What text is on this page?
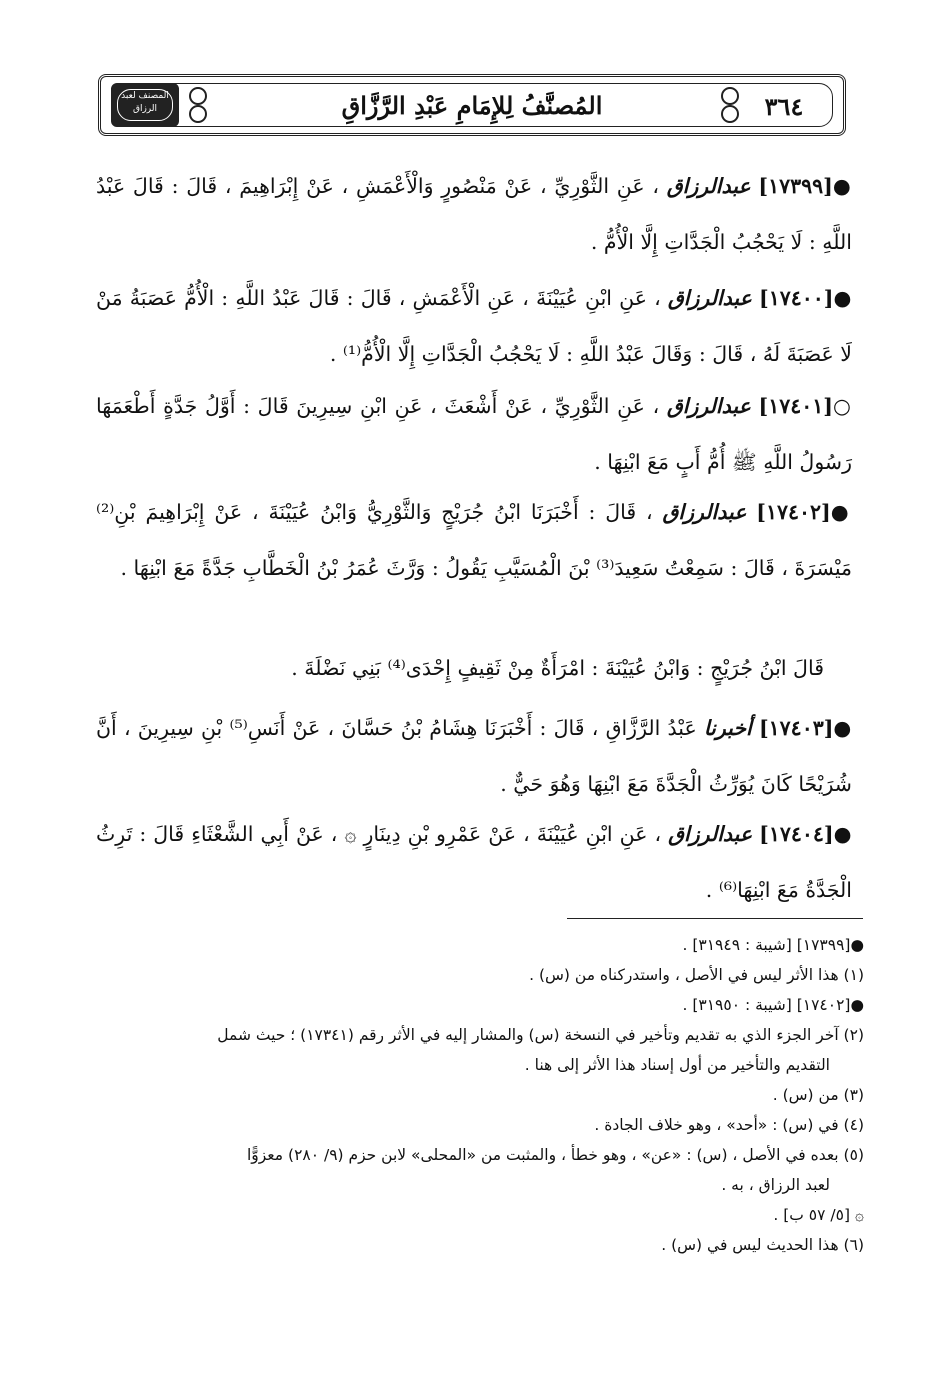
المصنف لعبد الرزاق	المُصنَّفُ لِلإِمَامِ عَبْدِ الرَّزَّاقِ	٣٦٤
●[١٧٣٩٩] عبدالرزاق ، عَنِ الثَّوْرِيِّ ، عَنْ مَنْصُورٍ وَالْأَعْمَشِ ، عَنْ إِبْرَاهِيمَ ، قَالَ : قَالَ عَبْدُ اللَّهِ : لَا يَحْجُبُ الْجَدَّاتِ إِلَّا الْأُمُّ .
●[١٧٤٠٠] عبدالرزاق ، عَنِ ابْنِ عُيَيْنَةَ ، عَنِ الْأَعْمَشِ ، قَالَ : قَالَ عَبْدُ اللَّهِ : الْأُمُّ عَصَبَةُ مَنْ لَا عَصَبَةَ لَهُ ، قَالَ : وَقَالَ عَبْدُ اللَّهِ : لَا يَحْجُبُ الْجَدَّاتِ إِلَّا الْأُمُّ⁽¹⁾ .
○[١٧٤٠١] عبدالرزاق ، عَنِ الثَّوْرِيِّ ، عَنْ أَشْعَثَ ، عَنِ ابْنِ سِيرِينَ قَالَ : أَوَّلُ جَدَّةٍ أَطْعَمَهَا رَسُولُ اللَّهِ ﷺ أُمُّ أَبٍ مَعَ ابْنِهَا .
●[١٧٤٠٢] عبدالرزاق ، قَالَ : أَخْبَرَنَا ابْنُ جُرَيْجٍ وَالثَّوْرِيُّ وَابْنُ عُيَيْنَةَ ، عَنْ إِبْرَاهِيمَ بْنِ⁽²⁾ مَيْسَرَةَ ، قَالَ : سَمِعْتُ سَعِيدَ⁽³⁾ بْنَ الْمُسَيَّبِ يَقُولُ : وَرَّثَ عُمَرُ بْنُ الْخَطَّابِ جَدَّةً مَعَ ابْنِهَا .
قَالَ ابْنُ جُرَيْجٍ : وَابْنُ عُيَيْنَةَ : امْرَأَةٌ مِنْ ثَقِيفٍ إِحْدَى⁽⁴⁾ بَنِي نَضْلَةَ .
●[١٧٤٠٣] أخبرنا عَبْدُ الرَّزَّاقِ ، قَالَ : أَخْبَرَنَا هِشَامُ بْنُ حَسَّانَ ، عَنْ أَنَسِ⁽⁵⁾ بْنِ سِيرِينَ ، أَنَّ شُرَيْحًا كَانَ يُوَرِّثُ الْجَدَّةَ مَعَ ابْنِهَا وَهُوَ حَيٌّ .
●[١٧٤٠٤] عبدالرزاق ، عَنِ ابْنِ عُيَيْنَةَ ، عَنْ عَمْرِو بْنِ دِينَارٍ ۞ ، عَنْ أَبِي الشَّعْثَاءِ قَالَ : تَرِثُ الْجَدَّةُ مَعَ ابْنِهَا⁽⁶⁾ .

●[١٧٣٩٩] [شيبة : ٣١٩٤٩] .

(١) هذا الأثر ليس في الأصل ، واستدركناه من (س) .

●[١٧٤٠٢] [شيبة : ٣١٩٥٠] .

(٢) آخر الجزء الذي به تقديم وتأخير في النسخة (س) والمشار إليه في الأثر رقم (١٧٣٤١) ؛ حيث شمل

التقديم والتأخير من أول إسناد هذا الأثر إلى هنا .

(٣) من (س) .

(٤) في (س) : «أحد» ، وهو خلاف الجادة .

(٥) بعده في الأصل ، (س) : «عن» ، وهو خطأ ، والمثبت من «المحلى» لابن حزم (٩/ ٢٨٠) معزوًّا

لعبد الرزاق ، به .

۞ [٥/ ٥٧ ب] .

(٦) هذا الحديث ليس في (س) .
